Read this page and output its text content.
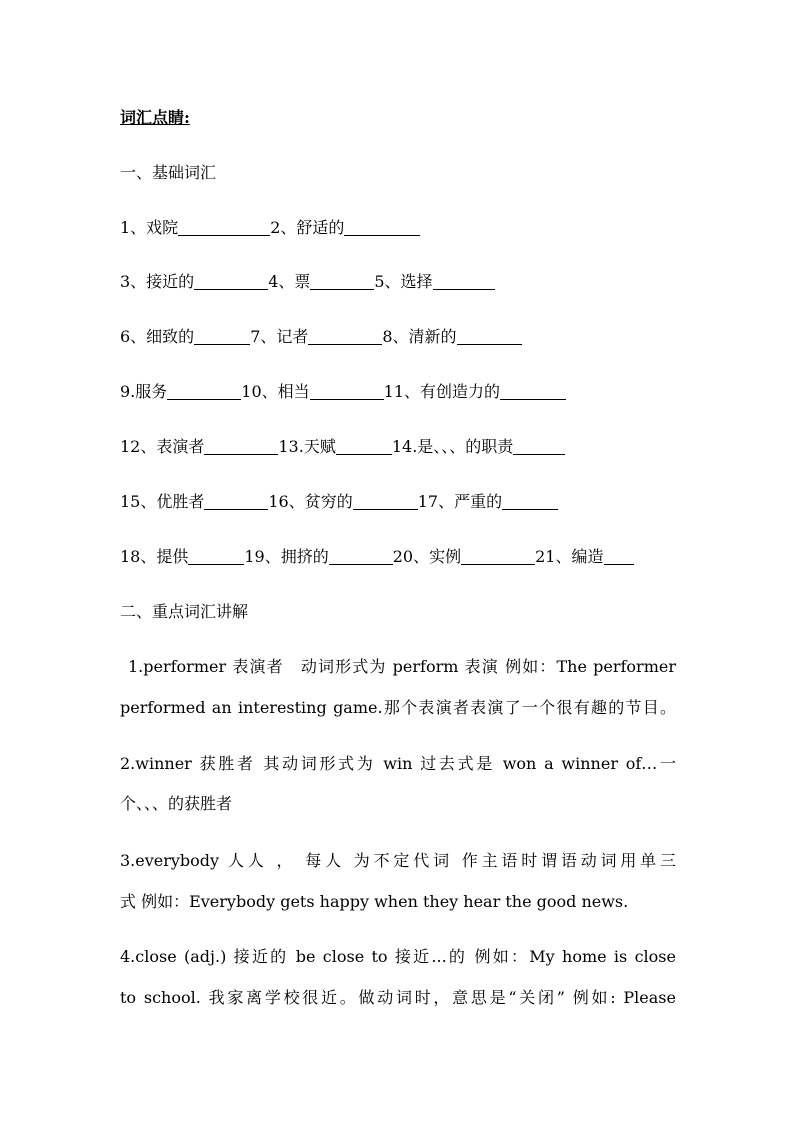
词汇点睛:
一、基础词汇
1、戏院	2、舒适的
3、接近的	4、票	5、选择
6、细致的	7、记者	8、清新的
9.服务	10、相当	11、有创造力的
12、表演者	13.天赋	14.是、、、的职责
15、优胜者	16、贫穷的	17、严重的
18、提供	19、拥挤的	20、实例	21、编造
二、重点词汇讲解
1.performer 表演者　动词形式为 perform 表演 例如：The performer
performed an interesting game.那个表演者表演了一个很有趣的节目。
2.winner 获胜者 其动词形式为 win 过去式是 won a winner of…一
个、、、的获胜者
3.everybody 人人 ， 每人 为不定代词 作主语时谓语动词用单三
式 例如：Everybody gets happy when they hear the good news.
4.close (adj.) 接近的 be close to 接近...的 例如：My home is close
to school. 我家离学校很近。做动词时，意思是“关闭” 例如: Please
